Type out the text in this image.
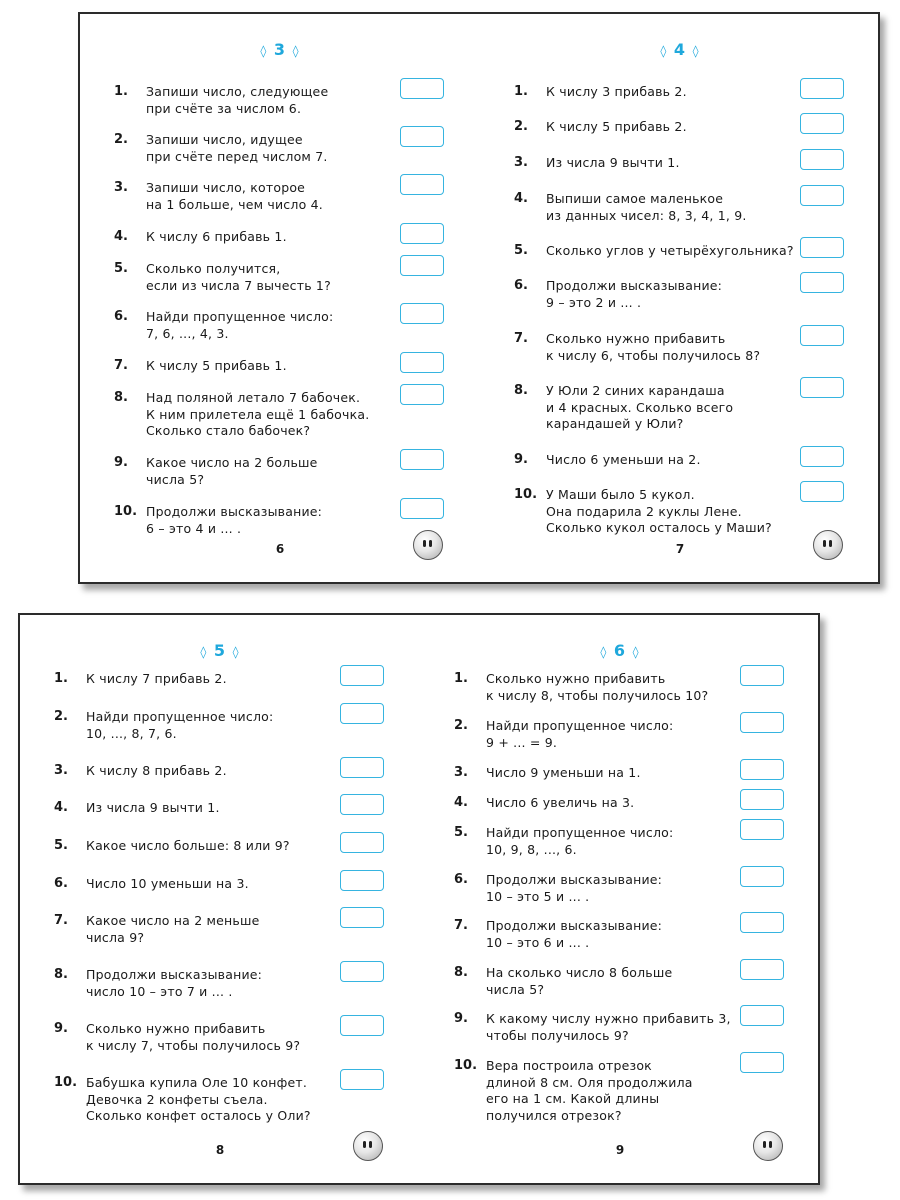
◊ 3 ◊
1.	Запиши число, следующее
при счёте за числом 6.
2.	Запиши число, идущее
при счёте перед числом 7.
3.	Запиши число, которое
на 1 больше, чем число 4.
4.	К числу 6 прибавь 1.
5.	Сколько получится,
если из числа 7 вычесть 1?
6.	Найди пропущенное число:
7, 6, ..., 4, 3.
7.	К числу 5 прибавь 1.
8.	Над поляной летало 7 бабочек.
К ним прилетела ещё 1 бабочка.
Сколько стало бабочек?
9.	Какое число на 2 больше
числа 5?
10. Продолжи высказывание:
6 – это 4 и ... .
6
◊ 4 ◊
1.	К числу 3 прибавь 2.
2.	К числу 5 прибавь 2.
3.	Из числа 9 вычти 1.
4.	Выпиши самое маленькое
из данных чисел: 8, 3, 4, 1, 9.
5.	Сколько углов у четырёхугольника?
6.	Продолжи высказывание:
9 – это 2 и ... .
7.	Сколько нужно прибавить
к числу 6, чтобы получилось 8?
8.	У Юли 2 синих карандаша
и 4 красных. Сколько всего
карандашей у Юли?
9.	Число 6 уменьши на 2.
10. У Маши было 5 кукол.
Она подарила 2 куклы Лене.
Сколько кукол осталось у Маши?
7
◊ 5 ◊
1.	К числу 7 прибавь 2.
2.	Найди пропущенное число:
10, ..., 8, 7, 6.
3.	К числу 8 прибавь 2.
4.	Из числа 9 вычти 1.
5.	Какое число больше: 8 или 9?
6.	Число 10 уменьши на 3.
7.	Какое число на 2 меньше
числа 9?
8.	Продолжи высказывание:
число 10 – это 7 и ... .
9.	Сколько нужно прибавить
к числу 7, чтобы получилось 9?
10. Бабушка купила Оле 10 конфет.
Девочка 2 конфеты съела.
Сколько конфет осталось у Оли?
8
◊ 6 ◊
1.	Сколько нужно прибавить
к числу 8, чтобы получилось 10?
2.	Найди пропущенное число:
9 + ... = 9.
3.	Число 9 уменьши на 1.
4.	Число 6 увеличь на 3.
5.	Найди пропущенное число:
10, 9, 8, ..., 6.
6.	Продолжи высказывание:
10 – это 5 и ... .
7.	Продолжи высказывание:
10 – это 6 и ... .
8.	На сколько число 8 больше
числа 5?
9.	К какому числу нужно прибавить 3,
чтобы получилось 9?
10. Вера построила отрезок
длиной 8 см. Оля продолжила
его на 1 см. Какой длины
получился отрезок?
9
